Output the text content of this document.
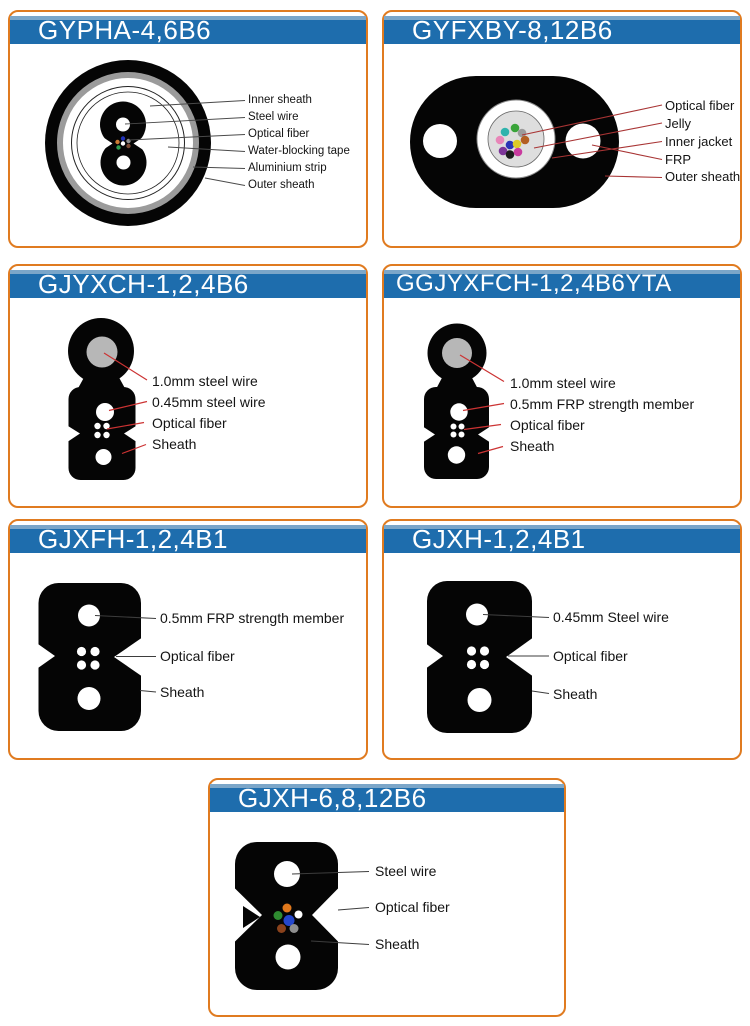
GYPHA-4,6B6
Inner sheath
Steel wire
Optical fiber
Water-blocking tape
Aluminium strip
Outer sheath
GYFXBY-8,12B6
Optical fiber
Jelly
Inner jacket
FRP
Outer sheath
GJYXCH-1,2,4B6
1.0mm steel wire
0.45mm steel wire
Optical fiber
Sheath
GGJYXFCH-1,2,4B6YTA
1.0mm steel wire
0.5mm FRP strength member
Optical fiber
Sheath
GJXFH-1,2,4B1
0.5mm FRP strength member
Optical fiber
Sheath
GJXH-1,2,4B1
0.45mm Steel wire
Optical fiber
Sheath
GJXH-6,8,12B6
Steel wire
Optical fiber
Sheath
